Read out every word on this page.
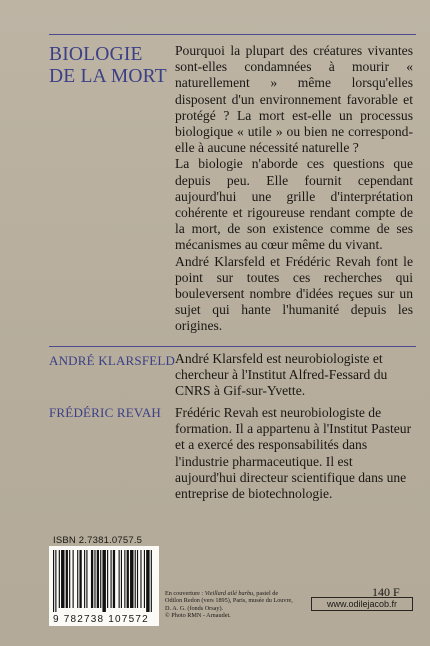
BIOLOGIE
DE LA MORT

Pourquoi la plupart des créatures vivantes sont-elles condamnées à mourir « naturellement » même lorsqu'elles disposent d'un environnement favorable et protégé ? La mort est-elle un processus biologique « utile » ou bien ne correspond-elle à aucune nécessité naturelle ?

La biologie n'aborde ces questions que depuis peu. Elle fournit cependant aujourd'hui une grille d'interprétation cohérente et rigoureuse rendant compte de la mort, de son existence comme de ses mécanismes au cœur même du vivant.

André Klarsfeld et Frédéric Revah font le point sur toutes ces recherches qui bouleversent nombre d'idées reçues sur un sujet qui hante l'humanité depuis les origines.

ANDRÉ KLARSFELD André Klarsfeld est neurobiologiste et chercheur à l'Institut Alfred-Fessard du CNRS à Gif-sur-Yvette.
FRÉDÉRIC REVAH	Frédéric Revah est neurobiologiste de formation. Il a appartenu à l'Institut Pasteur et a exercé des responsabilités dans l'industrie pharmaceutique. Il est aujourd'hui directeur scientifique dans une entreprise de biotechnologie.
ISBN 2.7381.0757.5
9 782738 107572
En couverture : Vieillard ailé barbu, pastel de Odilon Redon (vers 1895), Paris, musée du Louvre, D. A. G. (fonds Orsay).
© Photo RMN - Arnaudet.
140 F
www.odilejacob.fr
